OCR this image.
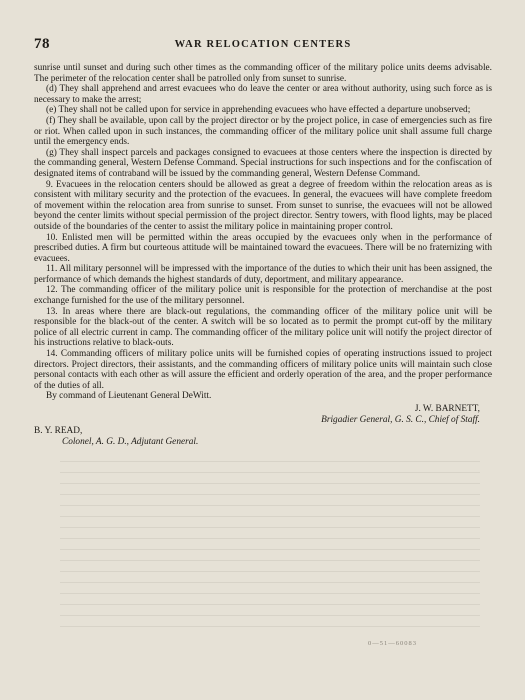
78	WAR RELOCATION CENTERS

sunrise until sunset and during such other times as the commanding officer of the military police units deems advisable. The perimeter of the relocation center shall be patrolled only from sunset to sunrise.

(d) They shall apprehend and arrest evacuees who do leave the center or area without authority, using such force as is necessary to make the arrest;

(e) They shall not be called upon for service in apprehending evacuees who have effected a departure unobserved;

(f) They shall be available, upon call by the project director or by the project police, in case of emergencies such as fire or riot. When called upon in such instances, the commanding officer of the military police unit shall assume full charge until the emergency ends.

(g) They shall inspect parcels and packages consigned to evacuees at those centers where the inspection is directed by the commanding general, Western Defense Command. Special instructions for such inspections and for the confiscation of designated items of contraband will be issued by the commanding general, Western Defense Command.

9. Evacuees in the relocation centers should be allowed as great a degree of freedom within the relocation areas as is consistent with military security and the protection of the evacuees. In general, the evacuees will have complete freedom of movement within the relocation area from sunrise to sunset. From sunset to sunrise, the evacuees will not be allowed beyond the center limits without special permission of the project director. Sentry towers, with flood lights, may be placed outside of the boundaries of the center to assist the military police in maintaining proper control.

10. Enlisted men will be permitted within the areas occupied by the evacuees only when in the performance of prescribed duties. A firm but courteous attitude will be maintained toward the evacuees. There will be no fraternizing with evacuees.

11. All military personnel will be impressed with the importance of the duties to which their unit has been assigned, the performance of which demands the highest standards of duty, deportment, and military appearance.

12. The commanding officer of the military police unit is responsible for the protection of merchandise at the post exchange furnished for the use of the military personnel.

13. In areas where there are black-out regulations, the commanding officer of the military police unit will be responsible for the black-out of the center. A switch will be so located as to permit the prompt cut-off by the military police of all electric current in camp. The commanding officer of the military police unit will notify the project director of his instructions relative to black-outs.

14. Commanding officers of military police units will be furnished copies of operating instructions issued to project directors. Project directors, their assistants, and the commanding officers of military police units will maintain such close personal contacts with each other as will assure the efficient and orderly operation of the area, and the proper performance of the duties of all.

By command of Lieutenant General DeWitt.

J. W. BARNETT,
Brigadier General, G. S. C., Chief of Staff.
B. Y. READ,
Colonel, A. G. D., Adjutant General.
0—51—60083
